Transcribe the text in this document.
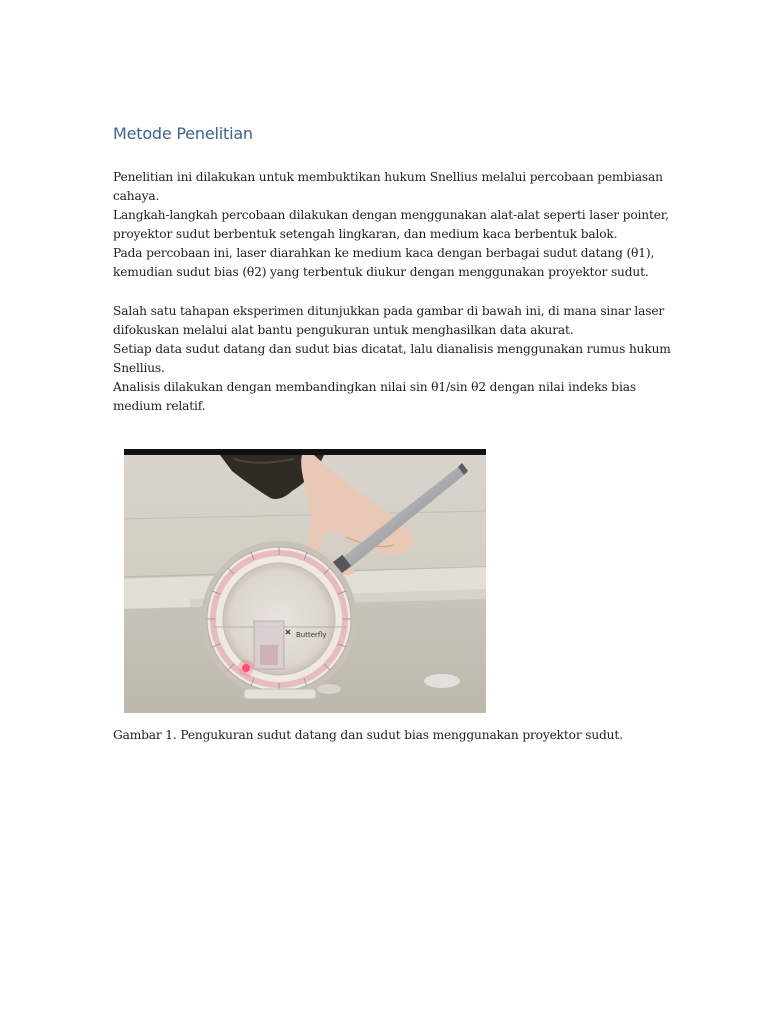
Metode Penelitian

Penelitian ini dilakukan untuk membuktikan hukum Snellius melalui percobaan pembiasan
cahaya.
Langkah-langkah percobaan dilakukan dengan menggunakan alat-alat seperti laser pointer,
proyektor sudut berbentuk setengah lingkaran, dan medium kaca berbentuk balok.
Pada percobaan ini, laser diarahkan ke medium kaca dengan berbagai sudut datang (θ1),
kemudian sudut bias (θ2) yang terbentuk diukur dengan menggunakan proyektor sudut.

Salah satu tahapan eksperimen ditunjukkan pada gambar di bawah ini, di mana sinar laser
difokuskan melalui alat bantu pengukuran untuk menghasilkan data akurat.
Setiap data sudut datang dan sudut bias dicatat, lalu dianalisis menggunakan rumus hukum
Snellius.
Analisis dilakukan dengan membandingkan nilai sin θ1/sin θ2 dengan nilai indeks bias
medium relatif.

Butterfly

Gambar 1. Pengukuran sudut datang dan sudut bias menggunakan proyektor sudut.
